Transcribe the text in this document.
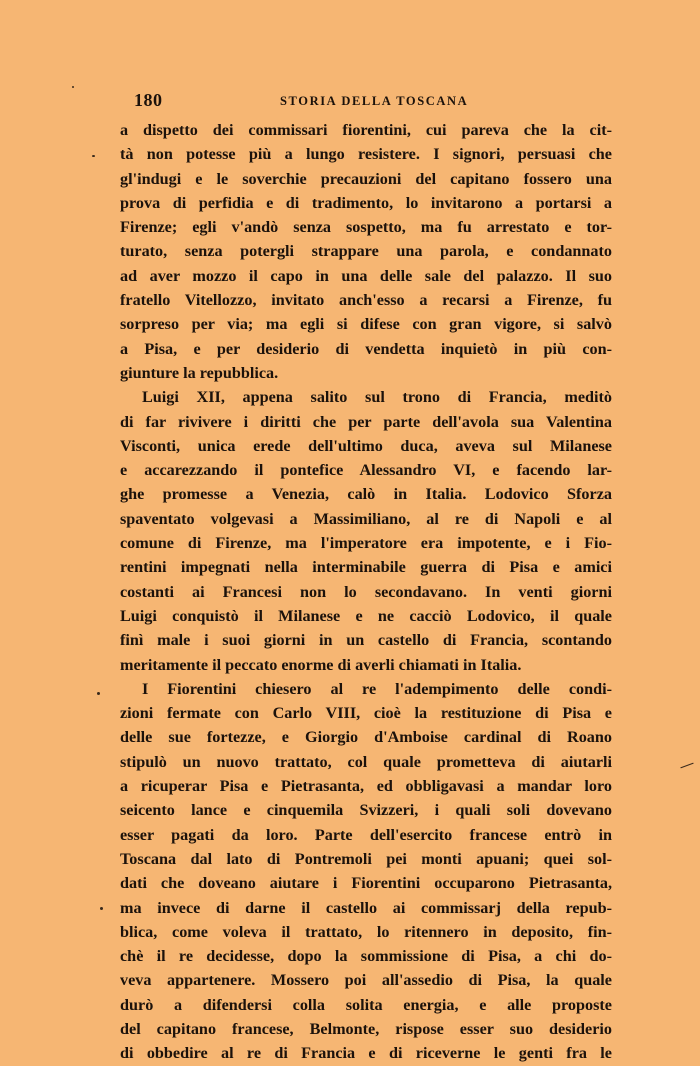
180	STORIA DELLA TOSCANA
a dispetto dei commissari fiorentini, cui pareva che la cit-
tà non potesse più a lungo resistere. I signori, persuasi che
gl'indugi e le soverchie precauzioni del capitano fossero una
prova di perfidia e di tradimento, lo invitarono a portarsi a
Firenze; egli v'andò senza sospetto, ma fu arrestato e tor-
turato, senza potergli strappare una parola, e condannato
ad aver mozzo il capo in una delle sale del palazzo. Il suo
fratello Vitellozzo, invitato anch'esso a recarsi a Firenze, fu
sorpreso per via; ma egli si difese con gran vigore, si salvò
a Pisa, e per desiderio di vendetta inquietò in più con-
giunture la repubblica.
Luigi XII, appena salito sul trono di Francia, meditò
di far rivivere i diritti che per parte dell'avola sua Valentina
Visconti, unica erede dell'ultimo duca, aveva sul Milanese
e accarezzando il pontefice Alessandro VI, e facendo lar-
ghe promesse a Venezia, calò in Italia. Lodovico Sforza
spaventato volgevasi a Massimiliano, al re di Napoli e al
comune di Firenze, ma l'imperatore era impotente, e i Fio-
rentini impegnati nella interminabile guerra di Pisa e amici
costanti ai Francesi non lo secondavano. In venti giorni
Luigi conquistò il Milanese e ne cacciò Lodovico, il quale
finì male i suoi giorni in un castello di Francia, scontando
meritamente il peccato enorme di averli chiamati in Italia.
I Fiorentini chiesero al re l'adempimento delle condi-
zioni fermate con Carlo VIII, cioè la restituzione di Pisa e
delle sue fortezze, e Giorgio d'Amboise cardinal di Roano
stipulò un nuovo trattato, col quale prometteva di aiutarli
a ricuperar Pisa e Pietrasanta, ed obbligavasi a mandar loro
seicento lance e cinquemila Svizzeri, i quali soli dovevano
esser pagati da loro. Parte dell'esercito francese entrò in
Toscana dal lato di Pontremoli pei monti apuani; quei sol-
dati che doveano aiutare i Fiorentini occuparono Pietrasanta,
ma invece di darne il castello ai commissarj della repub-
blica, come voleva il trattato, lo ritennero in deposito, fin-
chè il re decidesse, dopo la sommissione di Pisa, a chi do-
veva appartenere. Mossero poi all'assedio di Pisa, la quale
durò a difendersi colla solita energia, e alle proposte
del capitano francese, Belmonte, rispose esser suo desiderio
di obbedire al re di Francia e di riceverne le genti fra le
